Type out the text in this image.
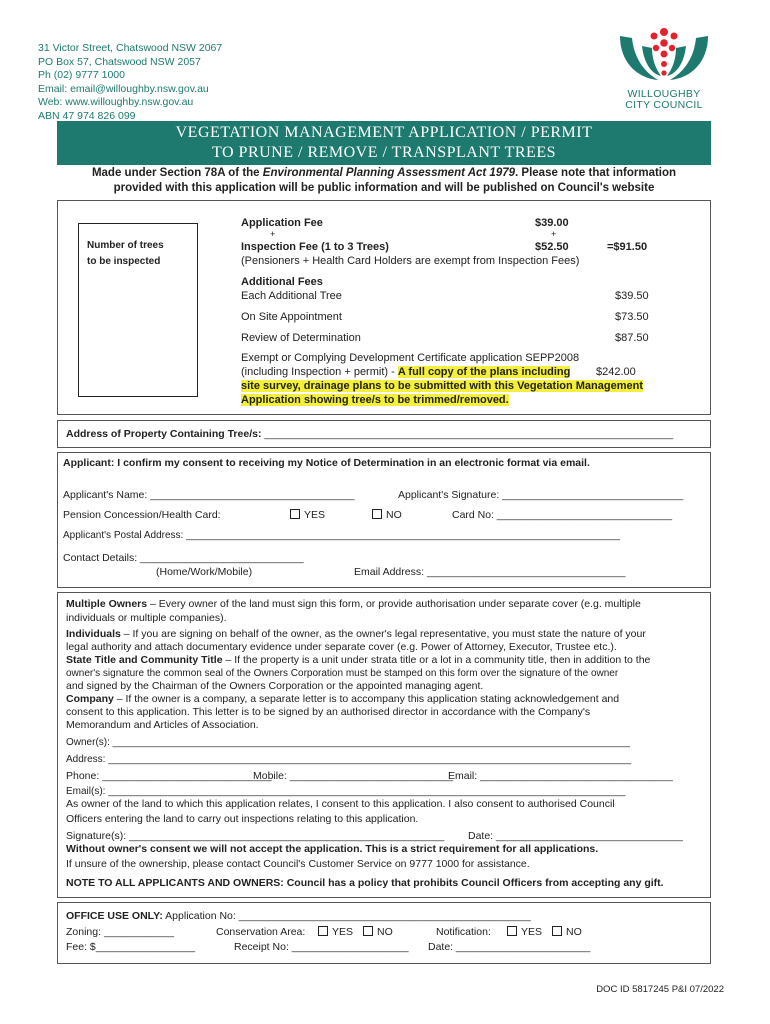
31 Victor Street, Chatswood NSW 2067
PO Box 57, Chatswood NSW 2057
Ph (02) 9777 1000
Email: email@willoughby.nsw.gov.au
Web: www.willoughby.nsw.gov.au
ABN 47 974 826 099
WILLOUGHBY
CITY COUNCIL
VEGETATION MANAGEMENT APPLICATION / PERMIT
TO PRUNE / REMOVE / TRANSPLANT TREES
Made under Section 78A of the Environmental Planning Assessment Act 1979. Please note that information
provided with this application will be public information and will be published on Council's website
Number of trees
to be inspected
Application Fee	$39.00
+	+
Inspection Fee (1 to 3 Trees)	$52.50	=$91.50
(Pensioners + Health Card Holders are exempt from Inspection Fees)
Additional Fees
Each Additional Tree	$39.50
On Site Appointment	$73.50
Review of Determination	$87.50
Exempt or Complying Development Certificate application SEPP2008
(including Inspection + permit) - A full copy of the plans including $242.00
site survey, drainage plans to be submitted with this Vegetation Management
Application showing tree/s to be trimmed/removed.
Address of Property Containing Tree/s: ______________________________________________________________________
Applicant: I confirm my consent to receiving my Notice of Determination in an electronic format via email.
Applicant's Name: ___________________________________	Applicant's Signature: _______________________________
Pension Concession/Health Card:	YES	NO	Card No: ______________________________
Applicant's Postal Address: ______________________________________________________________________________
Contact Details: ____________________________
(Home/Work/Mobile)	Email Address: __________________________________
Multiple Owners – Every owner of the land must sign this form, or provide authorisation under separate cover (e.g. multiple
individuals or multiple companies).
Individuals – If you are signing on behalf of the owner, as the owner's legal representative, you must state the nature of your
legal authority and attach documentary evidence under separate cover (e.g. Power of Attorney, Executor, Trustee etc.).
State Title and Community Title – If the property is a unit under strata title or a lot in a community title, then in addition to the
owner's signature the common seal of the Owners Corporation must be stamped on this form over the signature of the owner
and signed by the Chairman of the Owners Corporation or the appointed managing agent.
Company – If the owner is a company, a separate letter is to accompany this application stating acknowledgement and
consent to this application. This letter is to be signed by an authorised director in accordance with the Company's
Memorandum and Articles of Association.
Owner(s): _____________________________________________________________________________________________
Address: ______________________________________________________________________________________________
Phone: _____________________________
Mobile: ____________________________
Email: _________________________________
Email(s): _____________________________________________________________________________________________
As owner of the land to which this application relates, I consent to this application. I also consent to authorised Council
Officers entering the land to carry out inspections relating to this application.
Signature(s): ______________________________________________________ Date: ________________________________
Without owner's consent we will not accept the application. This is a strict requirement for all applications.
If unsure of the ownership, please contact Council's Customer Service on 9777 1000 for assistance.
NOTE TO ALL APPLICANTS AND OWNERS: Council has a policy that prohibits Council Officers from accepting any gift.
OFFICE USE ONLY: Application No: __________________________________________________
Zoning: ____________	Conservation Area:	YES	NO	Notification:	YES	NO
Fee: $_________________	Receipt No: ____________________ Date: _______________________
DOC ID 5817245 P&I 07/2022
